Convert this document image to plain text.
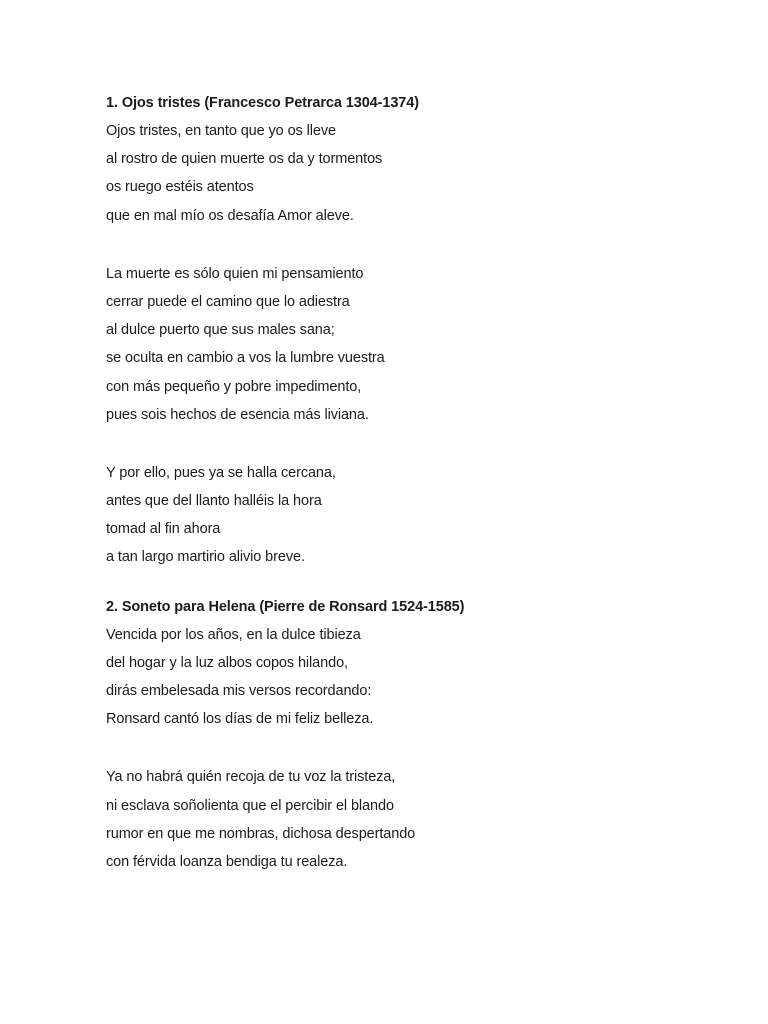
1. Ojos tristes (Francesco Petrarca 1304-1374)
Ojos tristes, en tanto que yo os lleve
al rostro de quien muerte os da y tormentos
os ruego estéis atentos
que en mal mío os desafía Amor aleve.
La muerte es sólo quien mi pensamiento
cerrar puede el camino que lo adiestra
al dulce puerto que sus males sana;
se oculta en cambio a vos la lumbre vuestra
con más pequeño y pobre impedimento,
pues sois hechos de esencia más liviana.
Y por ello, pues ya se halla cercana,
antes que del llanto halléis la hora
tomad al fin ahora
a tan largo martirio alivio breve.
2. Soneto para Helena (Pierre de Ronsard 1524-1585)
Vencida por los años, en la dulce tibieza
del hogar y la luz albos copos hilando,
dirás embelesada mis versos recordando:
Ronsard cantó los días de mi feliz belleza.
Ya no habrá quién recoja de tu voz la tristeza,
ni esclava soñolienta que el percibir el blando
rumor en que me nombras, dichosa despertando
con férvida loanza bendiga tu realeza.
